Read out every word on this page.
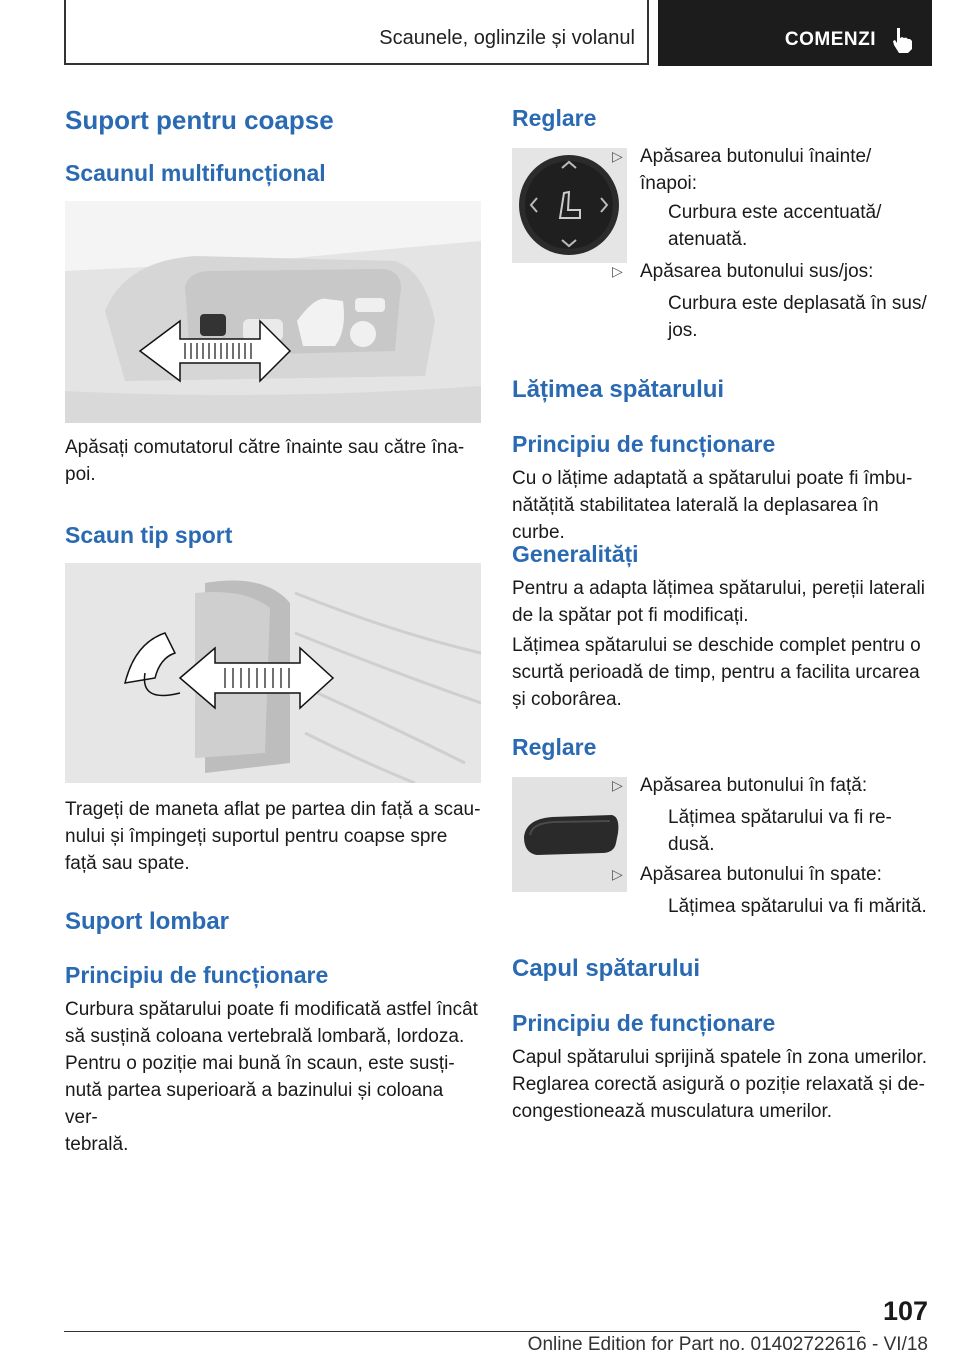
Scaunele, oglinzile și volanul	COMENZI
Suport pentru coapse
Scaunul multifuncțional
Apăsați comutatorul către înainte sau către îna-
poi.
Scaun tip sport
Trageți de maneta aflat pe partea din față a scau-
nului și împingeți suportul pentru coapse spre
față sau spate.
Suport lombar
Principiu de funcționare
Curbura spătarului poate fi modificată astfel încât
să susțină coloana vertebrală lombară, lordoza.
Pentru o poziție mai bună în scaun, este susți-
nută partea superioară a bazinului și coloana ver-
tebrală.
Reglare
▷ Apăsarea butonului înainte/
înapoi:
Curbura este accentuată/
atenuată.
▷ Apăsarea butonului sus/jos:
Curbura este deplasată în sus/
jos.
Lățimea spătarului
Principiu de funcționare
Cu o lățime adaptată a spătarului poate fi îmbu-
nătățită stabilitatea laterală la deplasarea în curbe.
Generalități
Pentru a adapta lățimea spătarului, pereții laterali
de la spătar pot fi modificați.
Lățimea spătarului se deschide complet pentru o
scurtă perioadă de timp, pentru a facilita urcarea
și coborârea.
Reglare
▷ Apăsarea butonului în față:
Lățimea spătarului va fi re-
dusă.
▷ Apăsarea butonului în spate:
Lățimea spătarului va fi mărită.
Capul spătarului
Principiu de funcționare
Capul spătarului sprijină spatele în zona umerilor.
Reglarea corectă asigură o poziție relaxată și de-
congestionează musculatura umerilor.
107
Online Edition for Part no. 01402722616 - VI/18
